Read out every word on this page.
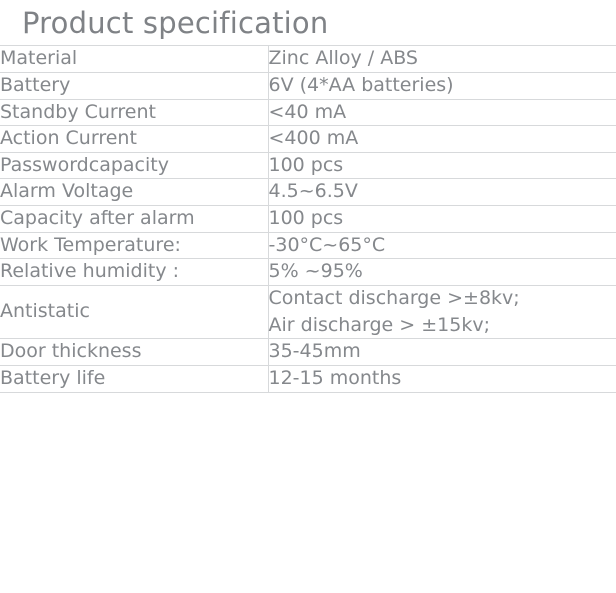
Product specification
Material	Zinc Alloy / ABS

Battery	6V (4*AA batteries)

Standby Current	<40 mA

Action Current	<400 mA

Passwordcapacity	100 pcs

Alarm Voltage	4.5~6.5V

Capacity after alarm	100 pcs

Work Temperature:	-30°C~65°C

Relative humidity :	5% ~95%

Antistatic	Contact discharge >±8kv;
Air discharge > ±15kv;

Door thickness	35-45mm

Battery life	12-15 months
